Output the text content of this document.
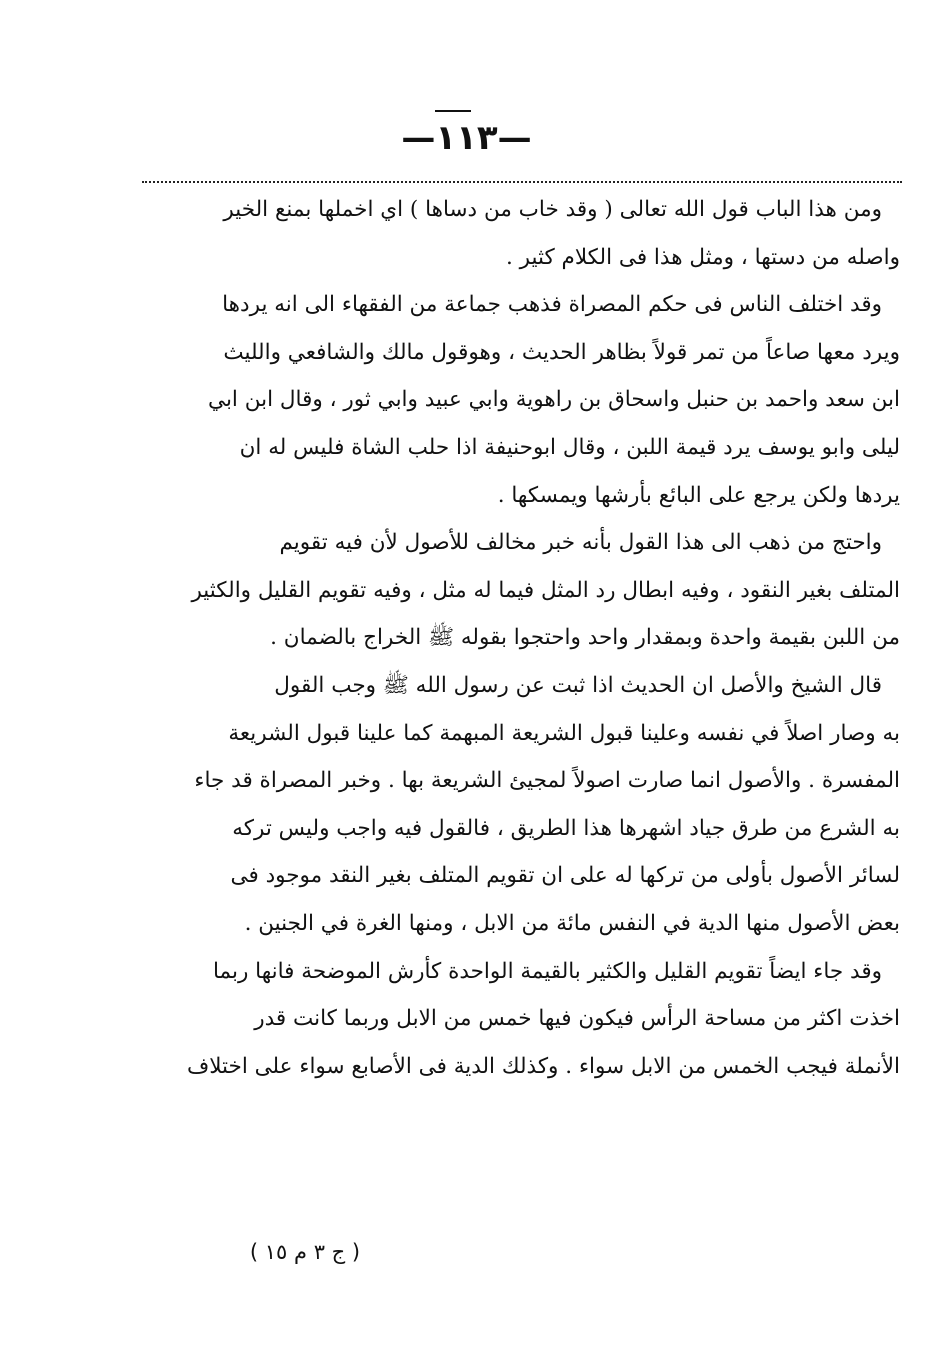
—١١٣—
ومن هذا الباب قول الله تعالى ( وقد خاب من دساها ) اي اخملها بمنع الخير
واصله من دستها ، ومثل هذا فى الكلام كثير .
وقد اختلف الناس فى حكم المصراة فذهب جماعة من الفقهاء الى انه يردها
ويرد معها صاعاً من تمر قولاً بظاهر الحديث ، وهوقول مالك والشافعي والليث
ابن سعد واحمد بن حنبل واسحاق بن راهوية وابي عبيد وابي ثور ، وقال ابن ابي
ليلى وابو يوسف يرد قيمة اللبن ، وقال ابوحنيفة اذا حلب الشاة فليس له ان
يردها ولكن يرجع على البائع بأرشها ويمسكها .
واحتج من ذهب الى هذا القول بأنه خبر مخالف للأصول لأن فيه تقويم
المتلف بغير النقود ، وفيه ابطال رد المثل فيما له مثل ، وفيه تقويم القليل والكثير
من اللبن بقيمة واحدة وبمقدار واحد واحتجوا بقوله ﷺ الخراج بالضمان .
قال الشيخ والأصل ان الحديث اذا ثبت عن رسول الله ﷺ وجب القول
به وصار اصلاً في نفسه وعلينا قبول الشريعة المبهمة كما علينا قبول الشريعة
المفسرة . والأصول انما صارت اصولاً لمجيئ الشريعة بها . وخبر المصراة قد جاء
به الشرع من طرق جياد اشهرها هذا الطريق ، فالقول فيه واجب وليس تركه
لسائر الأصول بأولى من تركها له على ان تقويم المتلف بغير النقد موجود فى
بعض الأصول منها الدية في النفس مائة من الابل ، ومنها الغرة في الجنين .
وقد جاء ايضاً تقويم القليل والكثير بالقيمة الواحدة كأرش الموضحة فانها ربما
اخذت اكثر من مساحة الرأس فيكون فيها خمس من الابل وربما كانت قدر
الأنملة فيجب الخمس من الابل سواء . وكذلك الدية فى الأصابع سواء على اختلاف
( ج ٣ م ١٥ )
